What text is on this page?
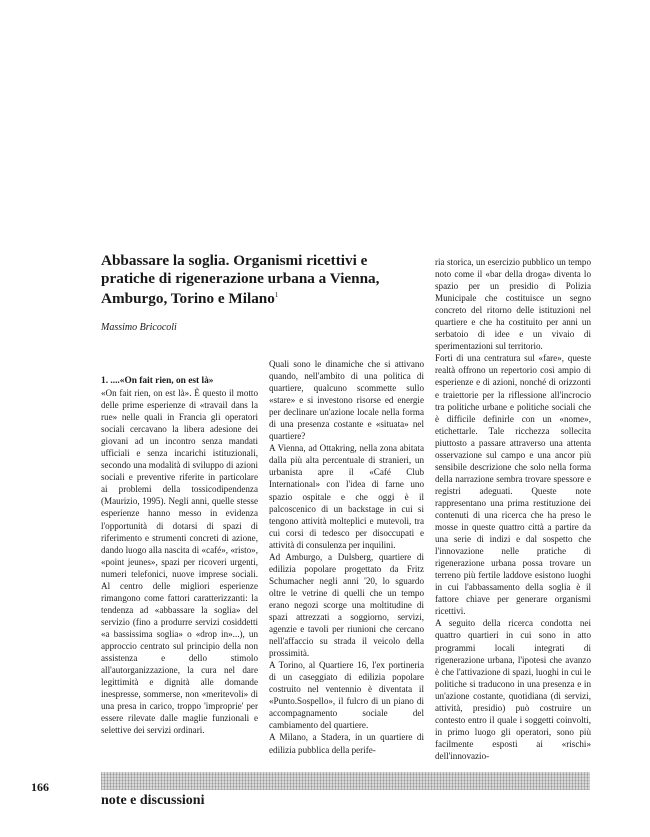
Abbassare la soglia. Organismi ricettivi e pratiche di rigenerazione urbana a Vienna, Amburgo, Torino e Milano$^1$

Massimo Bricocoli

1. ....«On fait rien, on est là»

«On fait rien, on est là». È questo il motto delle prime esperienze di «travail dans la rue» nelle quali in Francia gli operatori sociali cercavano la libera adesione dei giovani ad un incontro senza mandati ufficiali e senza incarichi istituzionali, secondo una modalità di sviluppo di azioni sociali e preventive riferite in particolare ai problemi della tossicodipendenza (Maurizio, 1995). Negli anni, quelle stesse esperienze hanno messo in evidenza l'opportunità di dotarsi di spazi di riferimento e strumenti concreti di azione, dando luogo alla nascita di «café», «risto», «point jeunes», spazi per ricoveri urgenti, numeri telefonici, nuove imprese sociali. Al centro delle migliori esperienze rimangono come fattori caratterizzanti: la tendenza ad «abbassare la soglia» del servizio (fino a produrre servizi cosiddetti «a bassissima soglia» o «drop in»...), un approccio centrato sul principio della non assistenza e dello stimolo all'autorganizzazione, la cura nel dare legittimità e dignità alle domande inespresse, sommerse, non «meritevoli» di una presa in carico, troppo 'improprie' per essere rilevate dalle maglie funzionali e selettive dei servizi ordinari.

Quali sono le dinamiche che si attivano quando, nell'ambito di una politica di quartiere, qualcuno scommette sullo «stare» e si investono risorse ed energie per declinare un'azione locale nella forma di una presenza costante e «situata» nel quartiere?

A Vienna, ad Ottakring, nella zona abitata dalla più alta percentuale di stranieri, un urbanista apre il «Café Club International» con l'idea di farne uno spazio ospitale e che oggi è il palcoscenico di un backstage in cui si tengono attività molteplici e mutevoli, tra cui corsi di tedesco per disoccupati e attività di consulenza per inquilini.

Ad Amburgo, a Dulsberg, quartiere di edilizia popolare progettato da Fritz Schumacher negli anni '20, lo sguardo oltre le vetrine di quelli che un tempo erano negozi scorge una moltitudine di spazi attrezzati a soggiorno, servizi, agenzie e tavoli per riunioni che cercano nell'affaccio su strada il veicolo della prossimità.

A Torino, al Quartiere 16, l'ex portineria di un caseggiato di edilizia popolare costruito nel ventennio è diventata il «Punto.Sospello», il fulcro di un piano di accompagnamento sociale del cambiamento del quartiere.

A Milano, a Stadera, in un quartiere di edilizia pubblica della perife-

ria storica, un esercizio pubblico un tempo noto come il «bar della droga» diventa lo spazio per un presidio di Polizia Municipale che costituisce un segno concreto del ritorno delle istituzioni nel quartiere e che ha costituito per anni un serbatoio di idee e un vivaio di sperimentazioni sul territorio.

Forti di una centratura sul «fare», queste realtà offrono un repertorio così ampio di esperienze e di azioni, nonché di orizzonti e traiettorie per la riflessione all'incrocio tra politiche urbane e politiche sociali che è difficile definirle con un «nome», etichettarle. Tale ricchezza sollecita piuttosto a passare attraverso una attenta osservazione sul campo e una ancor più sensibile descrizione che solo nella forma della narrazione sembra trovare spessore e registri adeguati. Queste note rappresentano una prima restituzione dei contenuti di una ricerca che ha preso le mosse in queste quattro città a partire da una serie di indizi e dal sospetto che l'innovazione nelle pratiche di rigenerazione urbana possa trovare un terreno più fertile laddove esistono luoghi in cui l'abbassamento della soglia è il fattore chiave per generare organismi ricettivi.

A seguito della ricerca condotta nei quattro quartieri in cui sono in atto programmi locali integrati di rigenerazione urbana, l'ipotesi che avanzo è che l'attivazione di spazi, luoghi in cui le politiche si traducono in una presenza e in un'azione costante, quotidiana (di servizi, attività, presidio) può costruire un contesto entro il quale i soggetti coinvolti, in primo luogo gli operatori, sono più facilmente esposti ai «rischi» dell'innovazio-

166
note e discussioni
